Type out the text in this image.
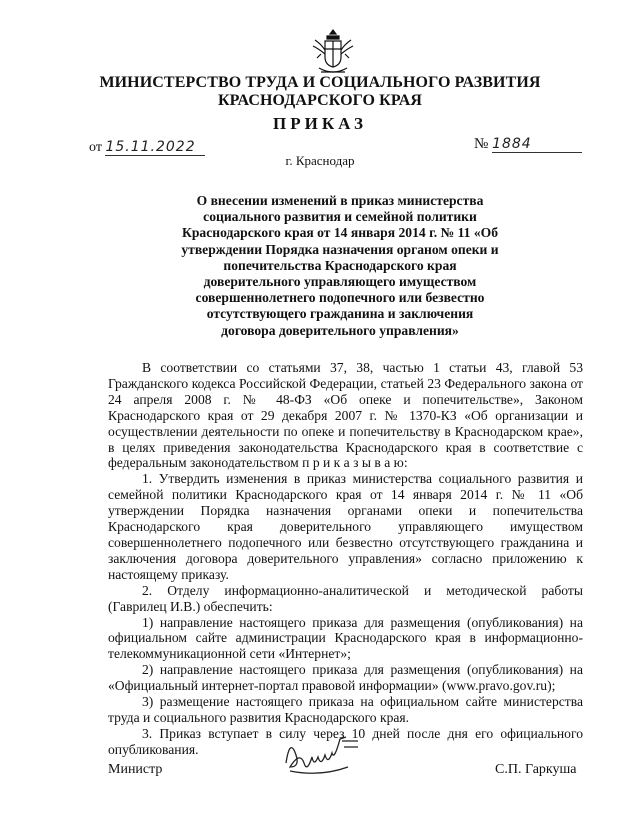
МИНИСТЕРСТВО ТРУДА И СОЦИАЛЬНОГО РАЗВИТИЯ
КРАСНОДАРСКОГО КРАЯ
ПРИКАЗ
от 15.11.2022	№ 1884
г. Краснодар
О внесении изменений в приказ министерства социального развития и семейной политики Краснодарского края от 14 января 2014 г. № 11 «Об утверждении Порядка назначения органом опеки и попечительства Краснодарского края доверительного управляющего имуществом совершеннолетнего подопечного или безвестно отсутствующего гражданина и заключения договора доверительного управления»

В соответствии со статьями 37, 38, частью 1 статьи 43, главой 53 Гражданского кодекса Российской Федерации, статьей 23 Федерального закона от 24 апреля 2008 г. № 48-ФЗ «Об опеке и попечительстве», Законом Краснодарского края от 29 декабря 2007 г. № 1370-КЗ «Об организации и осуществлении деятельности по опеке и попечительству в Краснодарском крае», в целях приведения законодательства Краснодарского края в соответствие с федеральным законодательством п р и к а з ы в а ю:

1. Утвердить изменения в приказ министерства социального развития и семейной политики Краснодарского края от 14 января 2014 г. № 11 «Об утверждении Порядка назначения органами опеки и попечительства Краснодарского края доверительного управляющего имуществом совершеннолетнего подопечного или безвестно отсутствующего гражданина и заключения договора доверительного управления» согласно приложению к настоящему приказу.

2. Отделу информационно-аналитической и методической работы (Гаврилец И.В.) обеспечить:

1) направление настоящего приказа для размещения (опубликования) на официальном сайте администрации Краснодарского края в информационно-телекоммуникационной сети «Интернет»;

2) направление настоящего приказа для размещения (опубликования) на «Официальный интернет-портал правовой информации» (www.pravo.gov.ru);

3) размещение настоящего приказа на официальном сайте министерства труда и социального развития Краснодарского края.

3. Приказ вступает в силу через 10 дней после дня его официального опубликования.

Министр	С.П. Гаркуша
